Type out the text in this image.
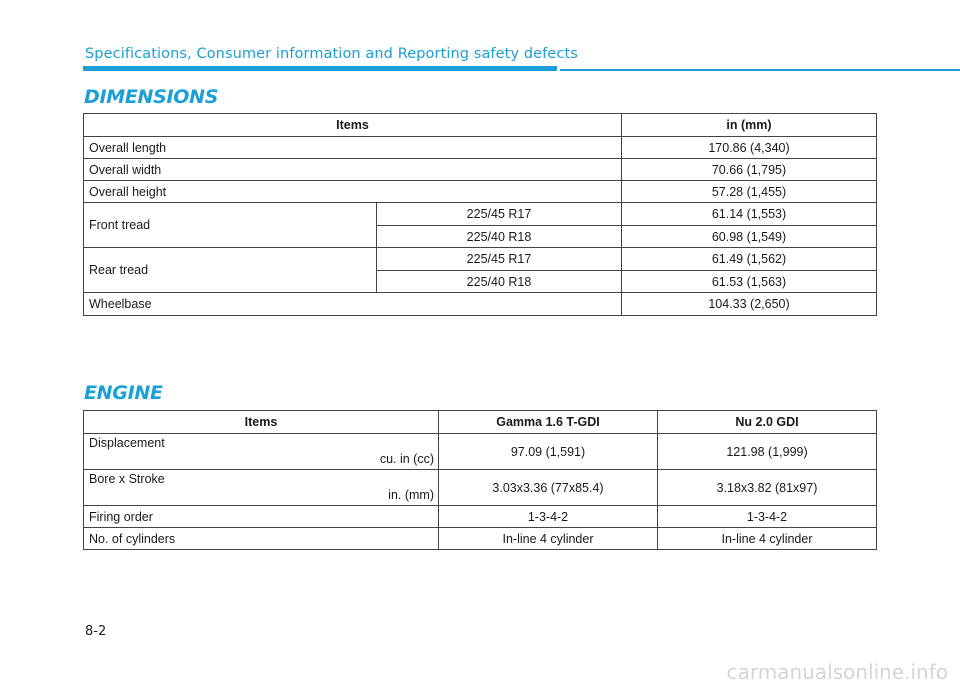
Specifications, Consumer information and Reporting safety defects
DIMENSIONS
Items		in (mm)
Overall length		170.86 (4,340)
Overall width		70.66 (1,795)
Overall height		57.28 (1,455)
Front tread	225/45 R17	61.14 (1,553)
	225/40 R18	60.98 (1,549)
Rear tread	225/45 R17	61.49 (1,562)
	225/40 R18	61.53 (1,563)
Wheelbase		104.33 (2,650)
ENGINE
Items	Gamma 1.6 T-GDI	Nu 2.0 GDI

Displacement
cu. in (cc)	97.09 (1,591)	121.98 (1,999)

Bore x Stroke
in. (mm)	3.03x3.36 (77x85.4)	3.18x3.82 (81x97)
Firing order	1-3-4-2	1-3-4-2
No. of cylinders	In-line 4 cylinder	In-line 4 cylinder
8-2
carmanualsonline.info
